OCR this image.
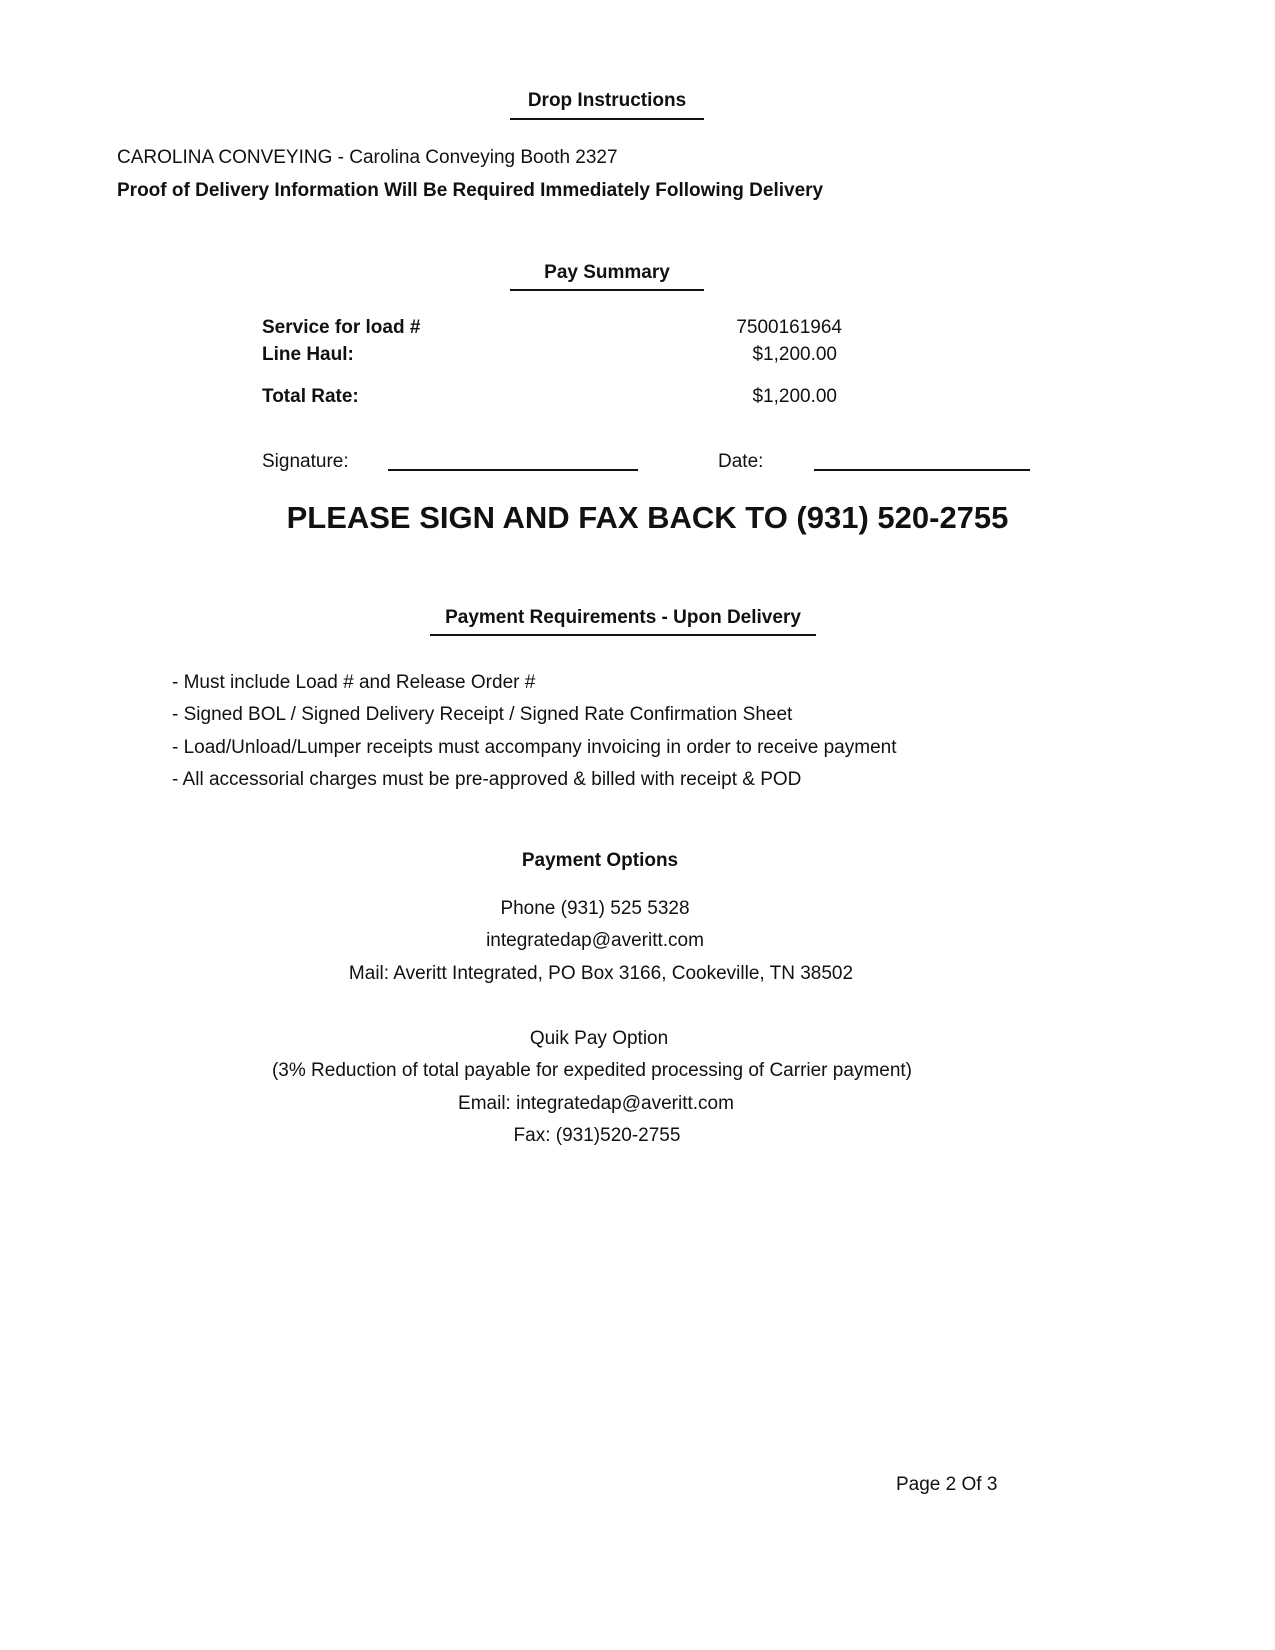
Drop Instructions
CAROLINA CONVEYING - Carolina Conveying Booth 2327
Proof of Delivery Information Will Be Required Immediately Following Delivery
Pay Summary
Service for load #	7500161964
Line Haul:	$1,200.00
Total Rate:	$1,200.00
Signature:	Date:
PLEASE SIGN AND FAX BACK TO (931) 520-2755
Payment Requirements - Upon Delivery
- Must include Load # and Release Order #
- Signed BOL / Signed Delivery Receipt / Signed Rate Confirmation Sheet
- Load/Unload/Lumper receipts must accompany invoicing in order to receive payment
- All accessorial charges must be pre-approved & billed with receipt & POD
Payment Options
Phone (931) 525 5328
integratedap@averitt.com
Mail: Averitt Integrated, PO Box 3166, Cookeville, TN 38502
Quik Pay Option
(3% Reduction of total payable for expedited processing of Carrier payment)
Email: integratedap@averitt.com
Fax: (931)520-2755
Page 2 Of 3
